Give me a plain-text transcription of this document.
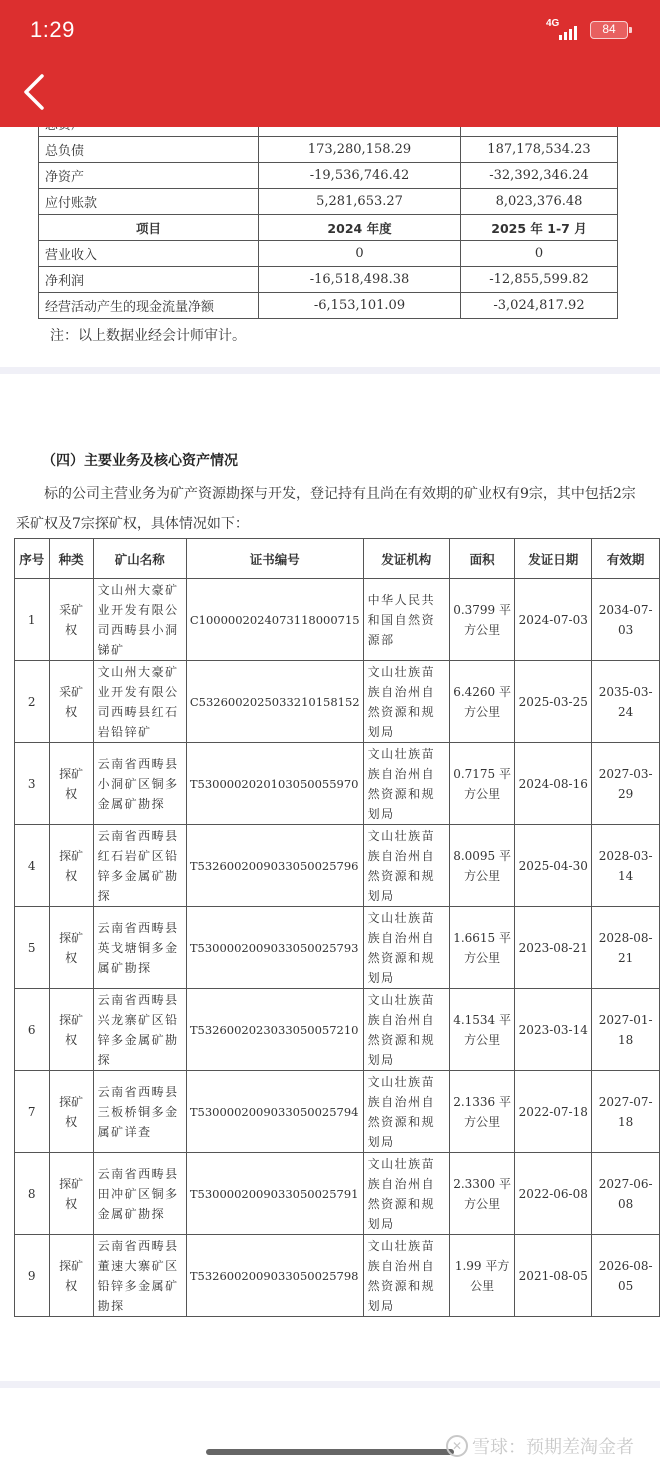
1:29	4G	84

总负债	173,280,158.29	187,178,534.23
净资产	-19,536,746.42	-32,392,346.24
应付账款	5,281,653.27	8,023,376.48
项目	2024 年度	2025 年 1-7 月
营业收入	0	0
净利润	-16,518,498.38	-12,855,599.82
经营活动产生的现金流量净额	-6,153,101.09	-3,024,817.92
注：以上数据业经会计师审计。
（四）主要业务及核心资产情况
标的公司主营业务为矿产资源勘探与开发，登记持有且尚在有效期的矿业权有9宗，其中包括2宗采矿权及7宗探矿权，具体情况如下：
序号	种类	矿山名称	证书编号	发证机构	面积	发证日期	有效期
1	采矿权	文山州大豪矿业开发有限公司西畴县小洞锑矿	C1000002024073118000715	中华人民共和国自然资源部	0.3799 平方公里	2024-07-03	2034-07-03
2	采矿权	文山州大豪矿业开发有限公司西畴县红石岩铅锌矿	C5326002025033210158152	文山壮族苗族自治州自然资源和规划局	6.4260 平方公里	2025-03-25	2035-03-24
3	探矿权	云南省西畴县小洞矿区铜多金属矿勘探	T5300002020103050055970	文山壮族苗族自治州自然资源和规划局	0.7175 平方公里	2024-08-16	2027-03-29
4	探矿权	云南省西畴县红石岩矿区铅锌多金属矿勘探	T5326002009033050025796	文山壮族苗族自治州自然资源和规划局	8.0095 平方公里	2025-04-30	2028-03-14
5	探矿权	云南省西畴县英戈塘铜多金属矿勘探	T5300002009033050025793	文山壮族苗族自治州自然资源和规划局	1.6615 平方公里	2023-08-21	2028-08-21
6	探矿权	云南省西畴县兴龙寨矿区铅锌多金属矿勘探	T5326002023033050057210	文山壮族苗族自治州自然资源和规划局	4.1534 平方公里	2023-03-14	2027-01-18
7	探矿权	云南省西畴县三板桥铜多金属矿详查	T5300002009033050025794	文山壮族苗族自治州自然资源和规划局	2.1336 平方公里	2022-07-18	2027-07-18
8	探矿权	云南省西畴县田冲矿区铜多金属矿勘探	T5300002009033050025791	文山壮族苗族自治州自然资源和规划局	2.3300 平方公里	2022-06-08	2027-06-08
9	探矿权	云南省西畴县董速大寨矿区铅锌多金属矿勘探	T5326002009033050025798	文山壮族苗族自治州自然资源和规划局	1.99 平方公里	2021-08-05	2026-08-05
✕ 雪球：预期差淘金者
